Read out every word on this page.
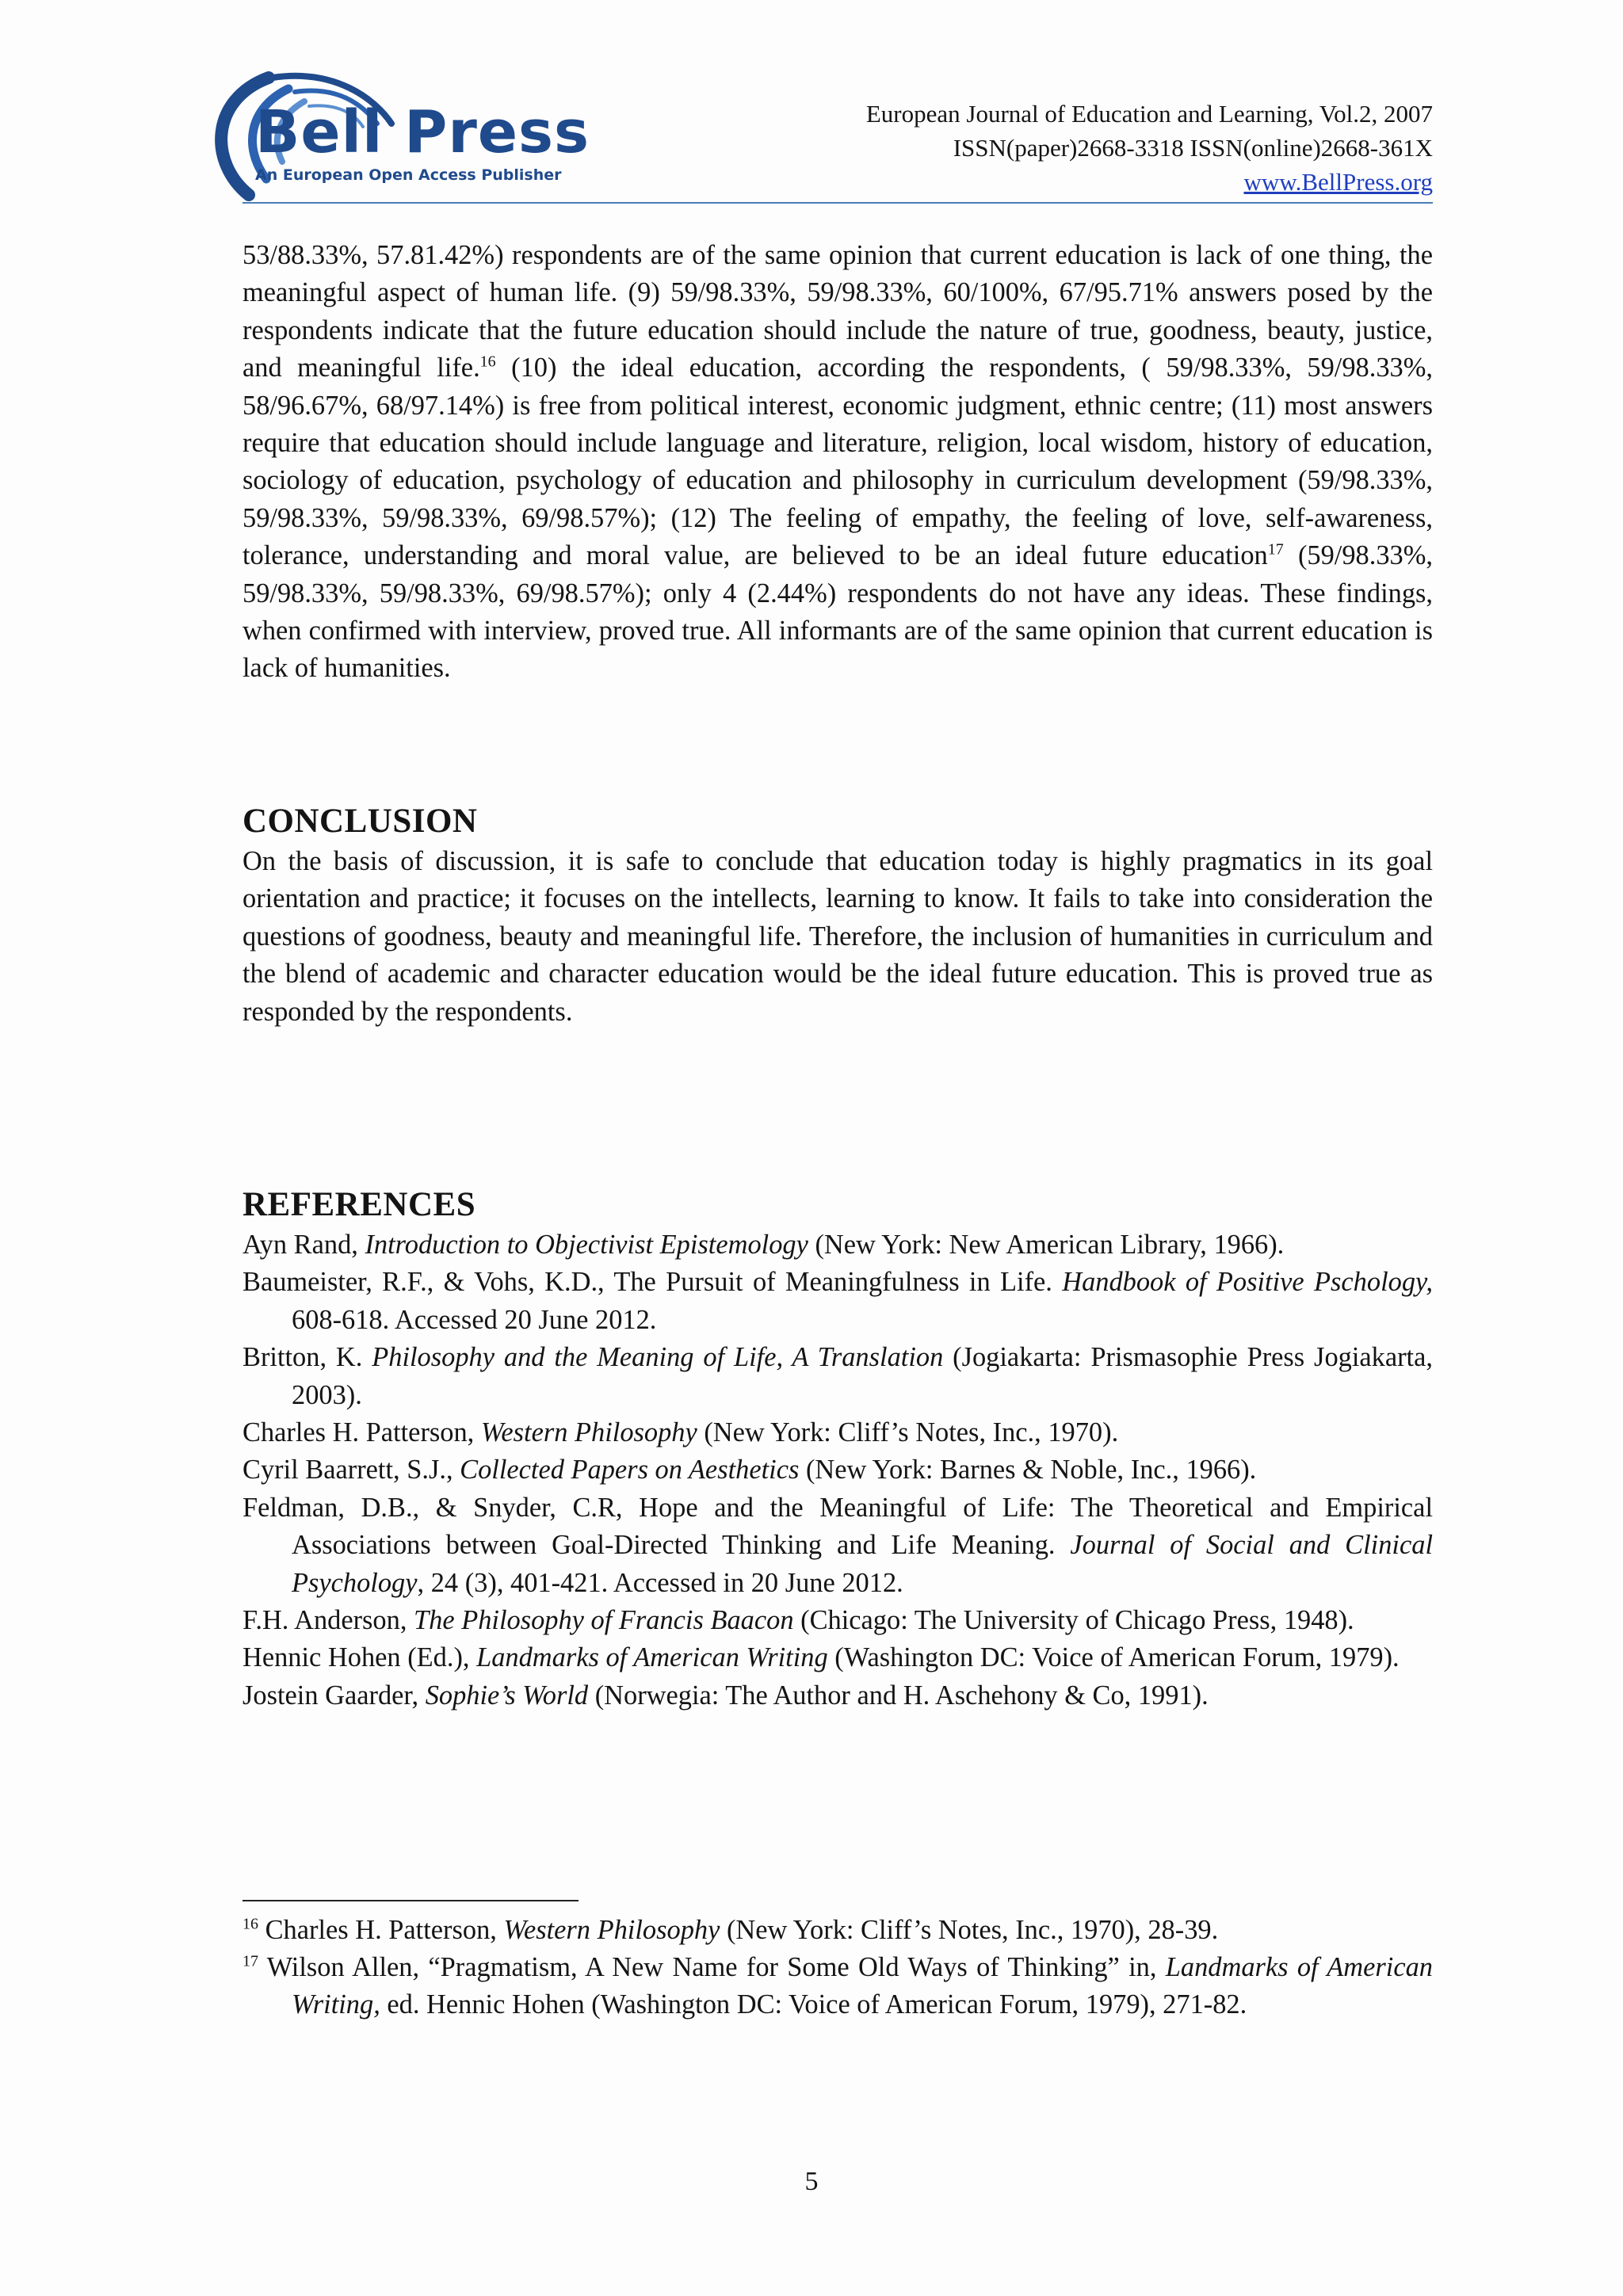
Bell Press
An European Open Access Publisher
European Journal of Education and Learning, Vol.2, 2007
ISSN(paper)2668-3318 ISSN(online)2668-361X
www.BellPress.org

53/88.33%, 57.81.42%) respondents are of the same opinion that current education is lack of one thing, the meaningful aspect of human life. (9) 59/98.33%, 59/98.33%, 60/100%, 67/95.71% answers posed by the respondents indicate that the future education should include the nature of true, goodness, beauty, justice, and meaningful life.$^{16}$ (10) the ideal education, according the respondents, ( 59/98.33%, 59/98.33%, 58/96.67%, 68/97.14%) is free from political interest, economic judgment, ethnic centre; (11) most answers require that education should include language and literature, religion, local wisdom, history of education, sociology of education, psychology of education and philosophy in curriculum development (59/98.33%, 59/98.33%, 59/98.33%, 69/98.57%); (12) The feeling of empathy, the feeling of love, self-awareness, tolerance, understanding and moral value, are believed to be an ideal future education$^{17}$ (59/98.33%, 59/98.33%, 59/98.33%, 69/98.57%); only 4 (2.44%) respondents do not have any ideas. These findings, when confirmed with interview, proved true. All informants are of the same opinion that current education is lack of humanities.

CONCLUSION

On the basis of discussion, it is safe to conclude that education today is highly pragmatics in its goal orientation and practice; it focuses on the intellects, learning to know. It fails to take into consideration the questions of goodness, beauty and meaningful life. Therefore, the inclusion of humanities in curriculum and the blend of academic and character education would be the ideal future education. This is proved true as responded by the respondents.

REFERENCES

Ayn Rand, Introduction to Objectivist Epistemology (New York: New American Library, 1966).

Baumeister, R.F., & Vohs, K.D., The Pursuit of Meaningfulness in Life. Handbook of Positive Pschology, 608-618. Accessed 20 June 2012.

Britton, K. Philosophy and the Meaning of Life, A Translation (Jogiakarta: Prismasophie Press Jogiakarta, 2003).

Charles H. Patterson, Western Philosophy (New York: Cliff’s Notes, Inc., 1970).

Cyril Baarrett, S.J., Collected Papers on Aesthetics (New York: Barnes & Noble, Inc., 1966).

Feldman, D.B., & Snyder, C.R, Hope and the Meaningful of Life: The Theoretical and Empirical Associations between Goal-Directed Thinking and Life Meaning. Journal of Social and Clinical Psychology, 24 (3), 401-421. Accessed in 20 June 2012.

F.H. Anderson, The Philosophy of Francis Baacon (Chicago: The University of Chicago Press, 1948).

Hennic Hohen (Ed.), Landmarks of American Writing (Washington DC: Voice of American Forum, 1979).

Jostein Gaarder, Sophie’s World (Norwegia: The Author and H. Aschehony & Co, 1991).

$^{16}$ Charles H. Patterson, Western Philosophy (New York: Cliff’s Notes, Inc., 1970), 28-39.

$^{17}$ Wilson Allen, “Pragmatism, A New Name for Some Old Ways of Thinking” in, Landmarks of American Writing, ed. Hennic Hohen (Washington DC: Voice of American Forum, 1979), 271-82.

5
